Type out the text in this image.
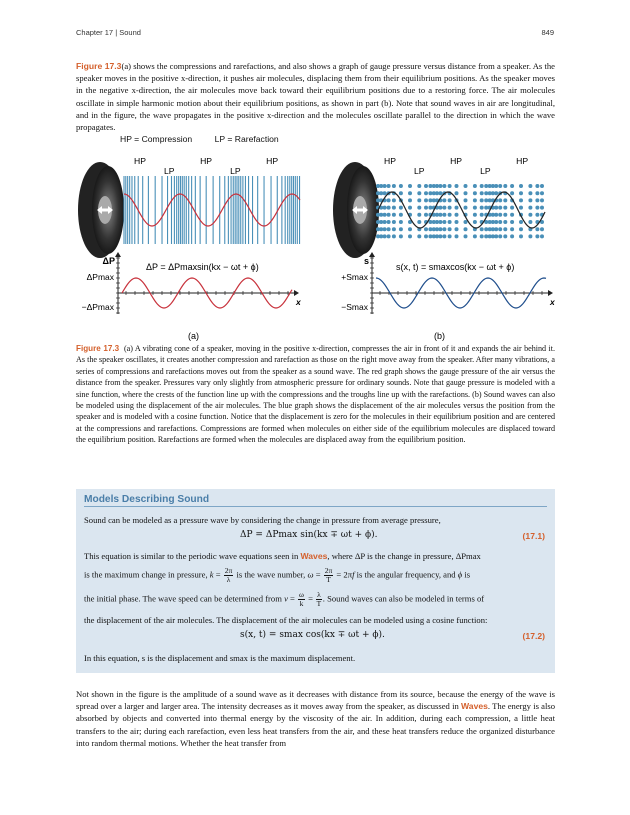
Chapter 17 | Sound	849
Figure 17.3(a) shows the compressions and rarefactions, and also shows a graph of gauge pressure versus distance from a speaker. As the speaker moves in the positive x-direction, it pushes air molecules, displacing them from their equilibrium positions. As the speaker moves in the negative x-direction, the air molecules move back toward their equilibrium positions due to a restoring force. The air molecules oscillate in simple harmonic motion about their equilibrium positions, as shown in part (b). Note that sound waves in air are longitudinal, and in the figure, the wave propagates in the positive x-direction and the molecules oscillate parallel to the direction in which the wave propagates.
HP = Compression	LP = Rarefaction
HP	HP	HP
LP	LP
HP	HP	HP
LP	LP
ΔP
ΔPmax
−ΔPmax
ΔP = ΔPmaxsin(kx − ωt + ϕ)
x
(a)
s
+Smax
−Smax
s(x, t) = smaxcos(kx − ωt + ϕ)
x
(b)
Figure 17.3 (a) A vibrating cone of a speaker, moving in the positive x-direction, compresses the air in front of it and expands the air behind it. As the speaker oscillates, it creates another compression and rarefaction as those on the right move away from the speaker. After many vibrations, a series of compressions and rarefactions moves out from the speaker as a sound wave. The red graph shows the gauge pressure of the air versus the distance from the speaker. Pressures vary only slightly from atmospheric pressure for ordinary sounds. Note that gauge pressure is modeled with a sine function, where the crests of the function line up with the compressions and the troughs line up with the rarefactions. (b) Sound waves can also be modeled using the displacement of the air molecules. The blue graph shows the displacement of the air molecules versus the position from the speaker and is modeled with a cosine function. Notice that the displacement is zero for the molecules in their equilibrium position and are centered at the compressions and rarefactions. Compressions are formed when molecules on either side of the equilibrium molecules are displaced toward the equilibrium position. Rarefactions are formed when the molecules are displaced away from the equilibrium position.
Models Describing Sound
Sound can be modeled as a pressure wave by considering the change in pressure from average pressure,
ΔP = ΔPmax sin(kx ∓ ωt + ϕ).	(17.1)
This equation is similar to the periodic wave equations seen in Waves, where ΔP is the change in pressure, ΔPmax
is the maximum change in pressure, $k = \frac{2\pi}{\lambda}$ is the wave number, $\omega = \frac{2\pi}{T} = 2\pi f$ is the angular frequency, and ϕ is
the initial phase. The wave speed can be determined from $v = \frac{\omega}{k} = \frac{\lambda}{T}$ . Sound waves can also be modeled in terms of
the displacement of the air molecules. The displacement of the air molecules can be modeled using a cosine function:
s(x, t) = smax cos(kx ∓ ωt + ϕ).	(17.2)
In this equation, s is the displacement and smax is the maximum displacement.
Not shown in the figure is the amplitude of a sound wave as it decreases with distance from its source, because the energy of the wave is spread over a larger and larger area. The intensity decreases as it moves away from the speaker, as discussed in Waves. The energy is also absorbed by objects and converted into thermal energy by the viscosity of the air. In addition, during each compression, a little heat transfers to the air; during each rarefaction, even less heat transfers from the air, and these heat transfers reduce the organized disturbance into random thermal motions. Whether the heat transfer from
